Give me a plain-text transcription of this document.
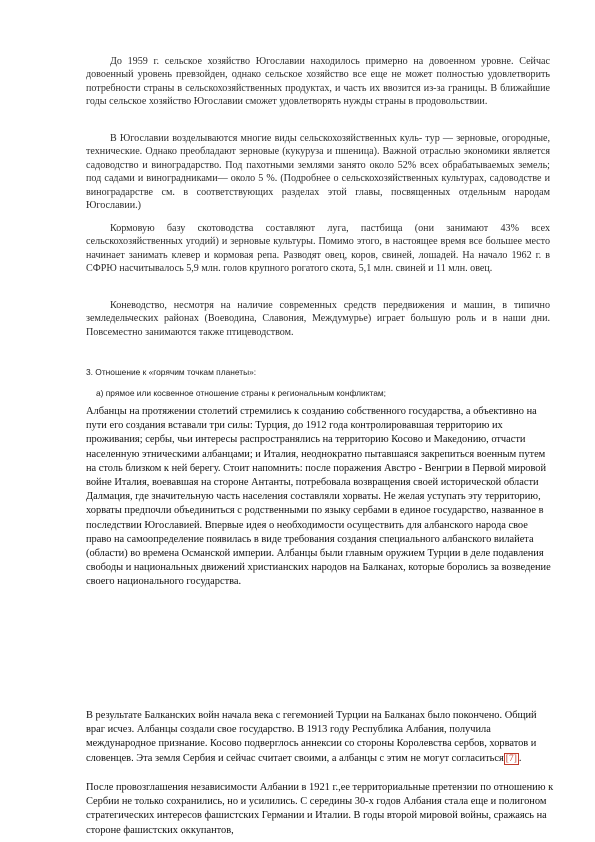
До 1959 г. сельское хозяйство Югославии находилось примерно на довоенном уровне. Сейчас довоенный уровень превзойден, однако сельское хозяйство все еще не может полностью удовлетворить потребности страны в сельскохозяйственных продуктах, и часть их ввозится из-за границы. В ближайшие годы сельское хозяйство Югославии сможет удовлетворять нужды страны в продовольствии.

В Югославии возделываются многие виды сельскохозяйственных куль- тур — зерновые, огородные, технические. Однако преобладают зерновые (кукуруза и пшеница). Важной отраслью экономики является садоводство и виноградарство. Под пахотными землями занято около 52% всех обрабатываемых земель; под садами и виноградниками— около 5 %. (Подробнее о сельскохозяйственных культурах, садоводстве и виноградарстве см. в соответствующих разделах этой главы, посвященных отдельным народам Югославии.)

Кормовую базу скотоводства составляют луга, пастбища (они занимают 43% всех сельскохозяйственных угодий) и зерновые культуры. Помимо этого, в настоящее время все большее место начинает занимать клевер и кормовая репа. Разводят овец, коров, свиней, лошадей. На начало 1962 г. в СФРЮ насчитывалось 5,9 млн. голов крупного рогатого скота, 5,1 млн. свиней и 11 млн. овец.

Коневодство, несмотря на наличие современных средств передвижения и машин, в типично земледельческих районах (Воеводина, Славония, Междумурье) играет большую роль и в наши дни. Повсеместно занимаются также птицеводством.

3. Отношение к «горячим точкам планеты»:

а) прямое или косвенное отношение страны к региональным конфликтам;

Албанцы на протяжении столетий стремились к созданию собственного государства, а объективно на пути его создания вставали три силы: Турция, до 1912 года контролировавшая территорию их проживания; сербы, чьи интересы распространялись на территорию Косово и Македонию, отчасти населенную этническими албанцами; и Италия, неоднократно пытавшаяся закрепиться военным путем на столь близком к ней берегу. Стоит напомнить: после поражения Австро - Венгрии в Первой мировой войне Италия, воевавшая на стороне Антанты, потребовала возвращения своей исторической области Далмация, где значительную часть населения составляли хорваты. Не желая уступать эту территорию, хорваты предпочли объединиться с родственными по языку сербами в единое государство, названное в последствии Югославией. Впервые идея о необходимости осуществить для албанского народа свое право на самоопределение появилась в виде требования создания специального албанского вилайета (области) во времена Османской империи. Албанцы были главным оружием Турции в деле подавления свободы и национальных движений христианских народов на Балканах, которые боролись за возведение своего национального государства.

В результате Балканских войн начала века с гегемонией Турции на Балканах было покончено. Общий враг исчез. Албанцы создали свое государство. В 1913 году Республика Албания, получила международное признание. Косово подверглось аннексии со стороны Королевства сербов, хорватов и словенцев. Эта земля Сербия и сейчас считает своими, а албанцы с этим не могут согласиться [7] .

После провозглашения независимости Албании в 1921 г.,ее территориальные претензии по отношению к Сербии не только сохранились, но и усилились. С середины 30-х годов Албания стала еще и полигоном стратегических интересов фашистских Германии и Италии. В годы второй мировой войны, сражаясь на стороне фашистских оккупантов,
